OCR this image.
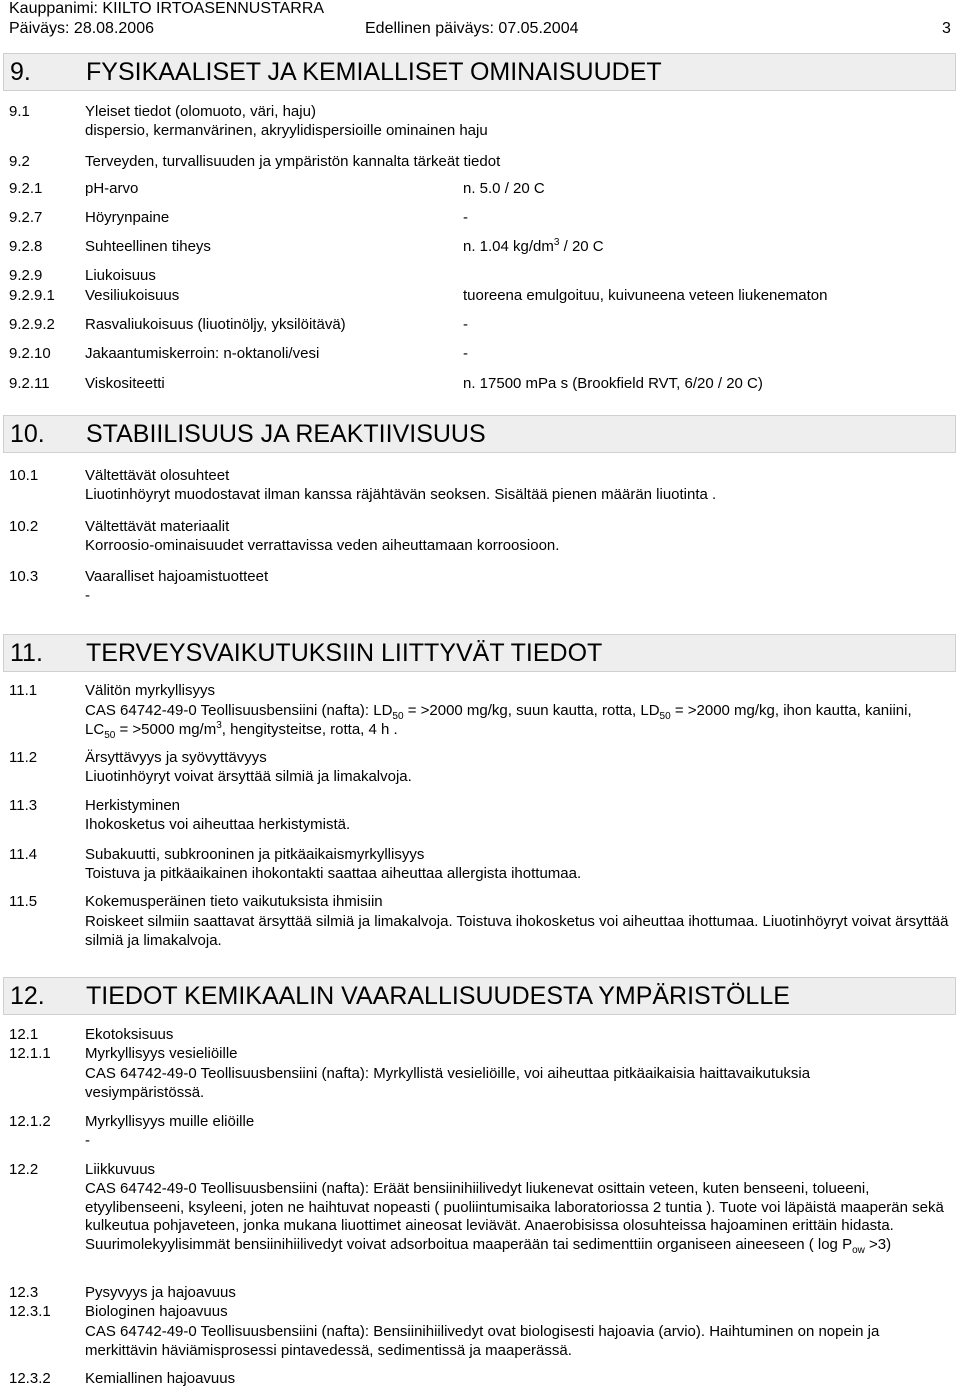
Kauppanimi: KIILTO IRTOASENNUSTARRA
Päiväys: 28.08.2006	Edellinen päiväys: 07.05.2004	3
9. FYSIKAALISET JA KEMIALLISET OMINAISUUDET
9.1	Yleiset tiedot (olomuoto, väri, haju)
dispersio, kermanvärinen, akryylidispersioille ominainen haju
9.2	Terveyden, turvallisuuden ja ympäristön kannalta tärkeät tiedot
9.2.1	pH-arvo	n. 5.0 / 20 C
9.2.7	Höyrynpaine	-
9.2.8	Suhteellinen tiheys	n. 1.04 $kg/dm^3 / 20$ C
9.2.9	Liukoisuus
9.2.9.1 Vesiliukoisuus	tuoreena emulgoituu, kuivuneena veteen liukenematon
9.2.9.2 Rasvaliukoisuus (liuotinöljy, yksilöitävä)	-
9.2.10 Jakaantumiskerroin: n-oktanoli/vesi	-
9.2.11 Viskositeetti	n. 17500 mPa s (Brookfield RVT, 6/20 / 20 C)
10. STABIILISUUS JA REAKTIIVISUUS
10.1	Vältettävät olosuhteet
Liuotinhöyryt muodostavat ilman kanssa räjähtävän seoksen. Sisältää pienen määrän liuotinta .
10.2	Vältettävät materiaalit
Korroosio-ominaisuudet verrattavissa veden aiheuttamaan korroosioon.
10.3	Vaaralliset hajoamistuotteet
-
11. TERVEYSVAIKUTUKSIIN LIITTYVÄT TIEDOT
11.1	Välitön myrkyllisyys
CAS 64742-49-0 Teollisuusbensiini (nafta): $LD_{50} = >2000$ mg/kg, suun kautta, rotta, $LD_{50} = >2000$ mg/kg, ihon kautta, kaniini, $LC_{50} = >5000$ $mg/m^3$, hengitysteitse, rotta, 4 h .
11.2	Ärsyttävyys ja syövyttävyys
Liuotinhöyryt voivat ärsyttää silmiä ja limakalvoja.
11.3	Herkistyminen
Ihokosketus voi aiheuttaa herkistymistä.
11.4	Subakuutti, subkrooninen ja pitkäaikaismyrkyllisyys
Toistuva ja pitkäaikainen ihokontakti saattaa aiheuttaa allergista ihottumaa.
11.5	Kokemusperäinen tieto vaikutuksista ihmisiin
Roiskeet silmiin saattavat ärsyttää silmiä ja limakalvoja. Toistuva ihokosketus voi aiheuttaa ihottumaa. Liuotinhöyryt voivat ärsyttää silmiä ja limakalvoja.
12. TIEDOT KEMIKAALIN VAARALLISUUDESTA YMPÄRISTÖLLE
12.1	Ekotoksisuus
12.1.1 Myrkyllisyys vesieliöille
CAS 64742-49-0 Teollisuusbensiini (nafta): Myrkyllistä vesieliöille, voi aiheuttaa pitkäaikaisia haittavaikutuksia vesiympäristössä.
12.1.2 Myrkyllisyys muille eliöille
-
12.2	Liikkuvuus
CAS 64742-49-0 Teollisuusbensiini (nafta): Eräät bensiinihiilivedyt liukenevat osittain veteen, kuten benseeni, tolueeni, etyylibenseeni, ksyleeni, joten ne haihtuvat nopeasti ( puoliintumisaika laboratoriossa 2 tuntia ). Tuote voi läpäistä maaperän sekä kulkeutua pohjaveteen, jonka mukana liuottimet aineosat leviävät. Anaerobisissa olosuhteissa hajoaminen erittäin hidasta. Suurimolekyylisimmät bensiinihiilivedyt voivat adsorboitua maaperään tai sedimenttiin organiseen aineeseen ( $\log P_{ow} >3$)
12.3	Pysyvyys ja hajoavuus
12.3.1 Biologinen hajoavuus
CAS 64742-49-0 Teollisuusbensiini (nafta): Bensiinihiilivedyt ovat biologisesti hajoavia (arvio). Haihtuminen on nopein ja merkittävin häviämisprosessi pintavedessä, sedimentissä ja maaperässä.
12.3.2 Kemiallinen hajoavuus
